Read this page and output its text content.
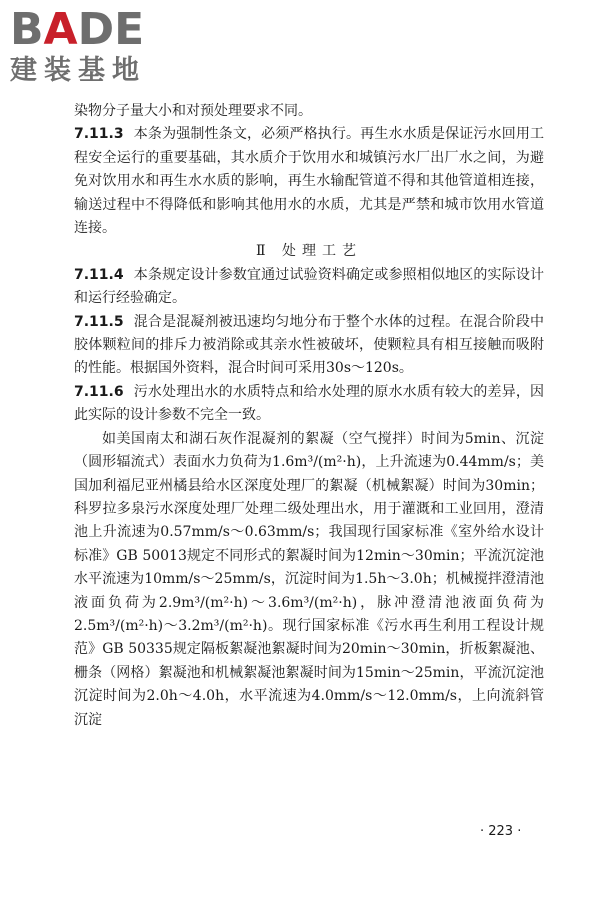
BADE
建装基地

染物分子量大小和对预处理要求不同。

7.11.3 本条为强制性条文，必须严格执行。再生水水质是保证污水回用工程安全运行的重要基础，其水质介于饮用水和城镇污水厂出厂水之间，为避免对饮用水和再生水水质的影响，再生水输配管道不得和其他管道相连接，输送过程中不得降低和影响其他用水的水质，尤其是严禁和城市饮用水管道连接。

Ⅱ 处理工艺

7.11.4 本条规定设计参数宜通过试验资料确定或参照相似地区的实际设计和运行经验确定。

7.11.5 混合是混凝剂被迅速均匀地分布于整个水体的过程。在混合阶段中胶体颗粒间的排斥力被消除或其亲水性被破坏，使颗粒具有相互接触而吸附的性能。根据国外资料，混合时间可采用30s～120s。

7.11.6 污水处理出水的水质特点和给水处理的原水水质有较大的差异，因此实际的设计参数不完全一致。

如美国南太和湖石灰作混凝剂的絮凝（空气搅拌）时间为5min、沉淀（圆形辐流式）表面水力负荷为1.6m³/(m²·h)，上升流速为0.44mm/s；美国加利福尼亚州橘县给水区深度处理厂的絮凝（机械絮凝）时间为30min；科罗拉多泉污水深度处理厂处理二级处理出水，用于灌溉和工业回用，澄清池上升流速为0.57mm/s～0.63mm/s；我国现行国家标准《室外给水设计标准》GB 50013规定不同形式的絮凝时间为12min～30min；平流沉淀池水平流速为10mm/s～25mm/s，沉淀时间为1.5h～3.0h；机械搅拌澄清池液面负荷为2.9m³/(m²·h)～3.6m³/(m²·h)，脉冲澄清池液面负荷为2.5m³/(m²·h)～3.2m³/(m²·h)。现行国家标准《污水再生利用工程设计规范》GB 50335规定隔板絮凝池絮凝时间为20min～30min，折板絮凝池、栅条（网格）絮凝池和机械絮凝池絮凝时间为15min～25min，平流沉淀池沉淀时间为2.0h～4.0h，水平流速为4.0mm/s～12.0mm/s，上向流斜管沉淀

· 223 ·
